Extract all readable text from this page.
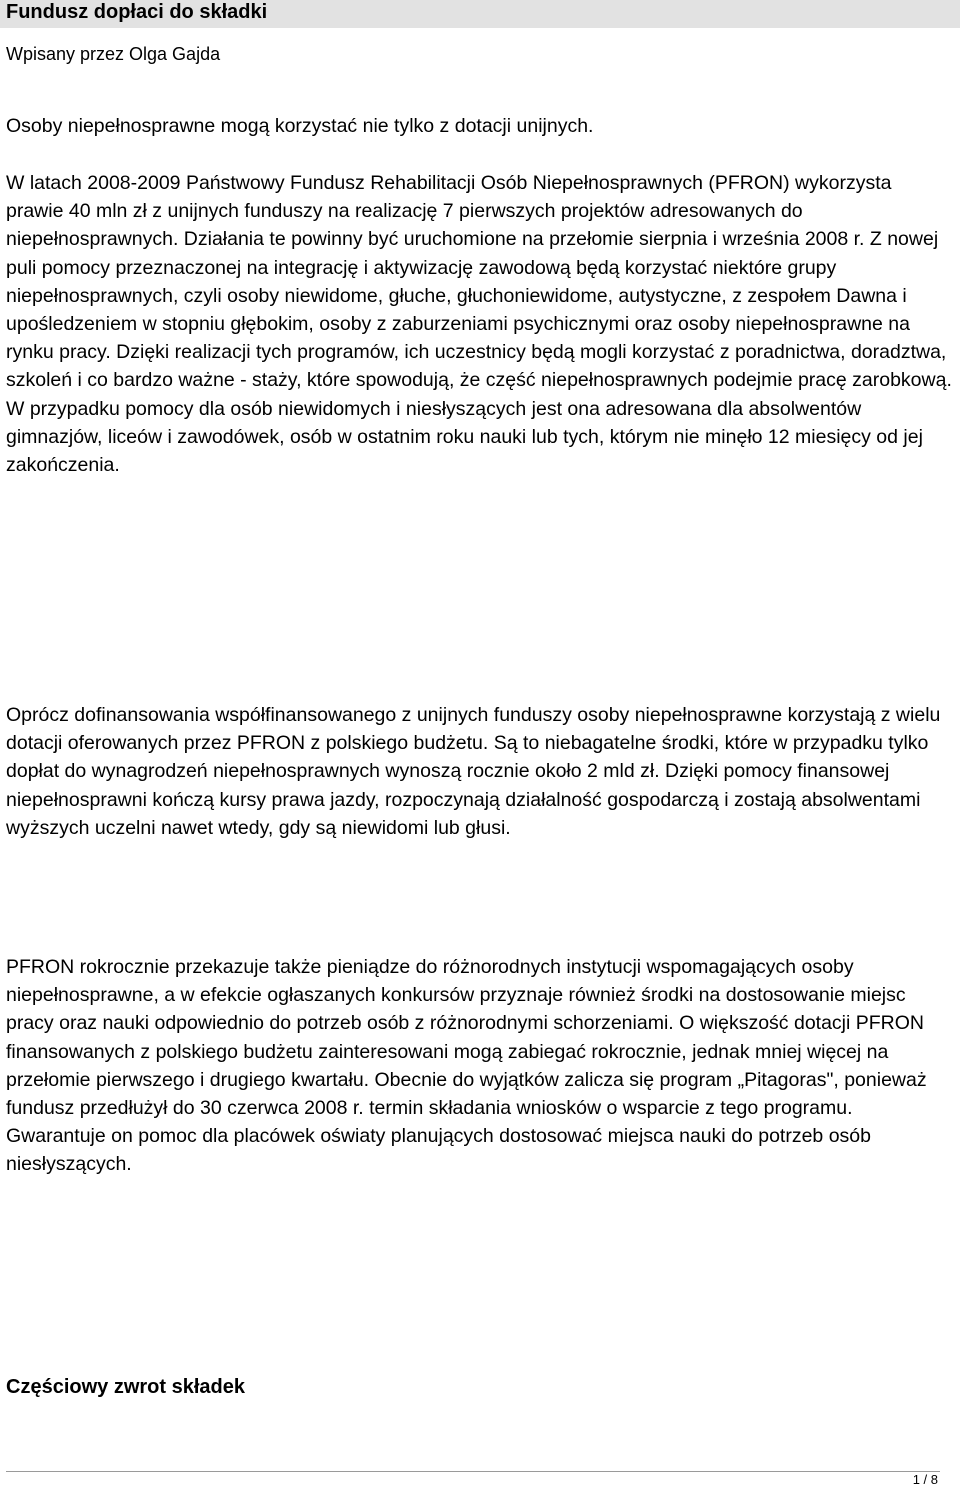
Fundusz dopłaci do składki
Wpisany przez Olga Gajda

Osoby niepełnosprawne mogą korzystać nie tylko z dotacji unijnych.

W latach 2008-2009 Państwowy Fundusz Rehabilitacji Osób Niepełnosprawnych (PFRON) wykorzysta prawie 40 mln zł z unijnych funduszy na realizację 7 pierwszych projektów adresowanych do niepełnosprawnych. Działania te powinny być uruchomione na przełomie sierpnia i września 2008 r. Z nowej puli pomocy przeznaczonej na integrację i aktywizację zawodową będą korzystać niektóre grupy niepełnosprawnych, czyli osoby niewidome, głuche, głuchoniewidome, autystyczne, z zespołem Dawna i upośledzeniem w stopniu głębokim, osoby z zaburzeniami psychicznymi oraz osoby niepełnosprawne na rynku pracy. Dzięki realizacji tych programów, ich uczestnicy będą mogli korzystać z poradnictwa, doradztwa, szkoleń i co bardzo ważne - staży, które spowodują, że część niepełnosprawnych podejmie pracę zarobkową. W przypadku pomocy dla osób niewidomych i niesłyszących jest ona adresowana dla absolwentów gimnazjów, liceów i zawodówek, osób w ostatnim roku nauki lub tych, którym nie minęło 12 miesięcy od jej zakończenia.

Oprócz dofinansowania współfinansowanego z unijnych funduszy osoby niepełnosprawne korzystają z wielu dotacji oferowanych przez PFRON z polskiego budżetu. Są to niebagatelne środki, które w przypadku tylko dopłat do wynagrodzeń niepełnosprawnych wynoszą rocznie około 2 mld zł. Dzięki pomocy finansowej niepełnosprawni kończą kursy prawa jazdy, rozpoczynają działalność gospodarczą i zostają absolwentami wyższych uczelni nawet wtedy, gdy są niewidomi lub głusi.

PFRON rokrocznie przekazuje także pieniądze do różnorodnych instytucji wspomagających osoby niepełnosprawne, a w efekcie ogłaszanych konkursów przyznaje również środki na dostosowanie miejsc pracy oraz nauki odpowiednio do potrzeb osób z różnorodnymi schorzeniami. O większość dotacji PFRON finansowanych z polskiego budżetu zainteresowani mogą zabiegać rokrocznie, jednak mniej więcej na przełomie pierwszego i drugiego kwartału. Obecnie do wyjątków zalicza się program „Pitagoras", ponieważ fundusz przedłużył do 30 czerwca 2008 r. termin składania wniosków o wsparcie z tego programu. Gwarantuje on pomoc dla placówek oświaty planujących dostosować miejsca nauki do potrzeb osób niesłyszących.

Częściowy zwrot składek
1 / 8
